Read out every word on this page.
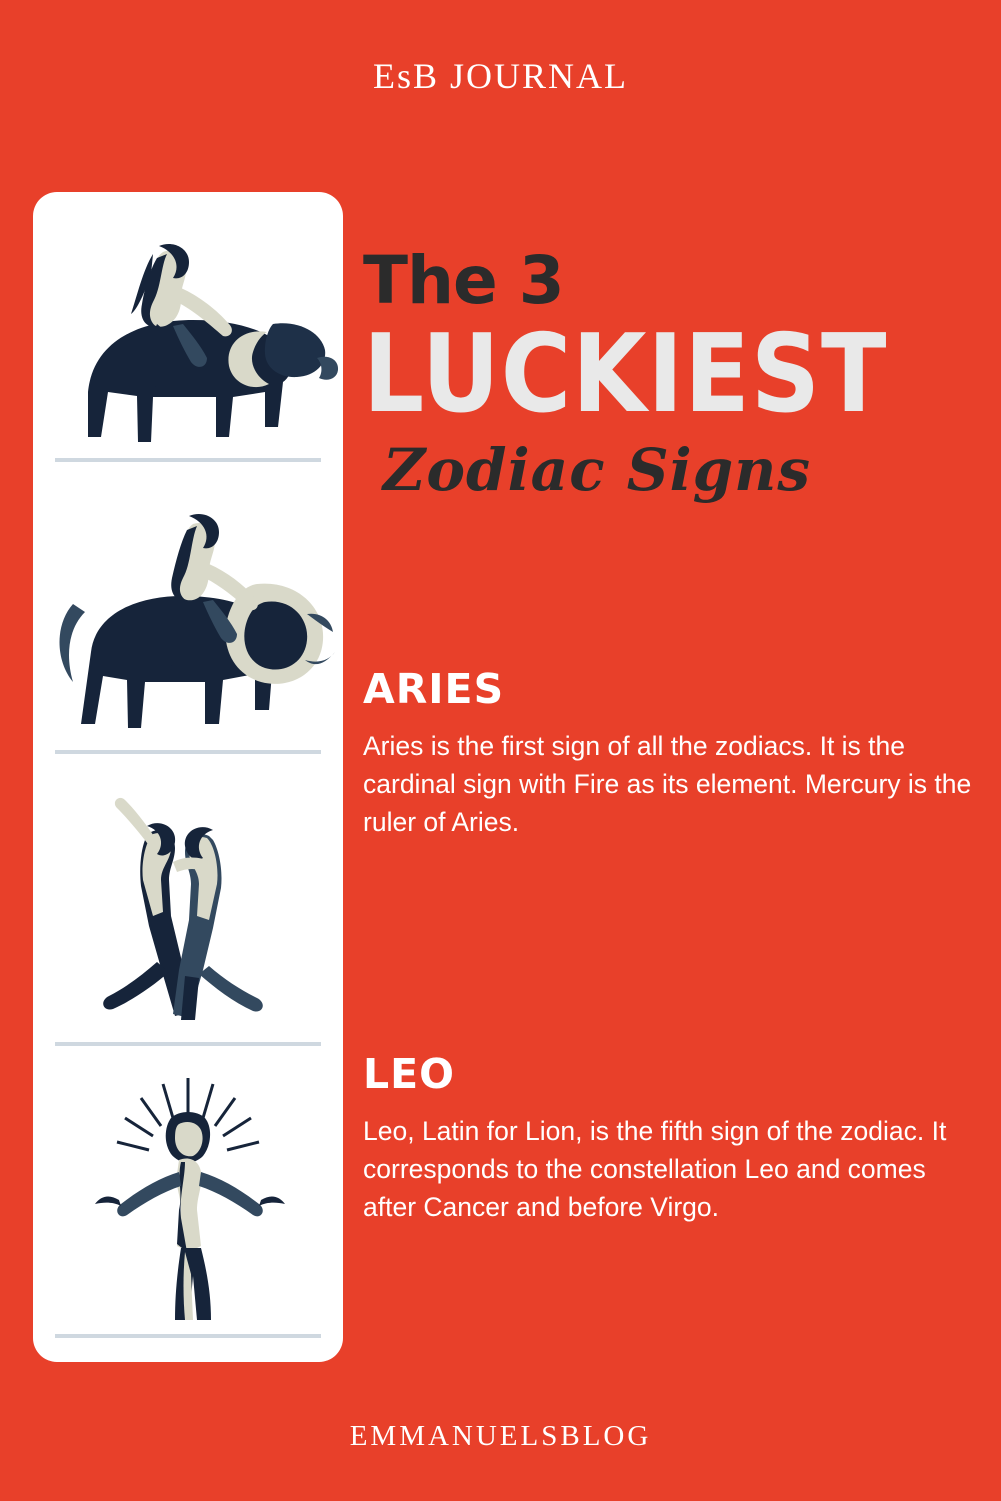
EsB JOURNAL
The 3
LUCKIEST
Zodiac Signs
ARIES

Aries is the first sign of all the zodiacs. It is the cardinal sign with Fire as its element. Mercury is the ruler of Aries.

LEO

Leo, Latin for Lion, is the fifth sign of the zodiac. It corresponds to the constellation Leo and comes after Cancer and before Virgo.

EMMANUELSBLOG
